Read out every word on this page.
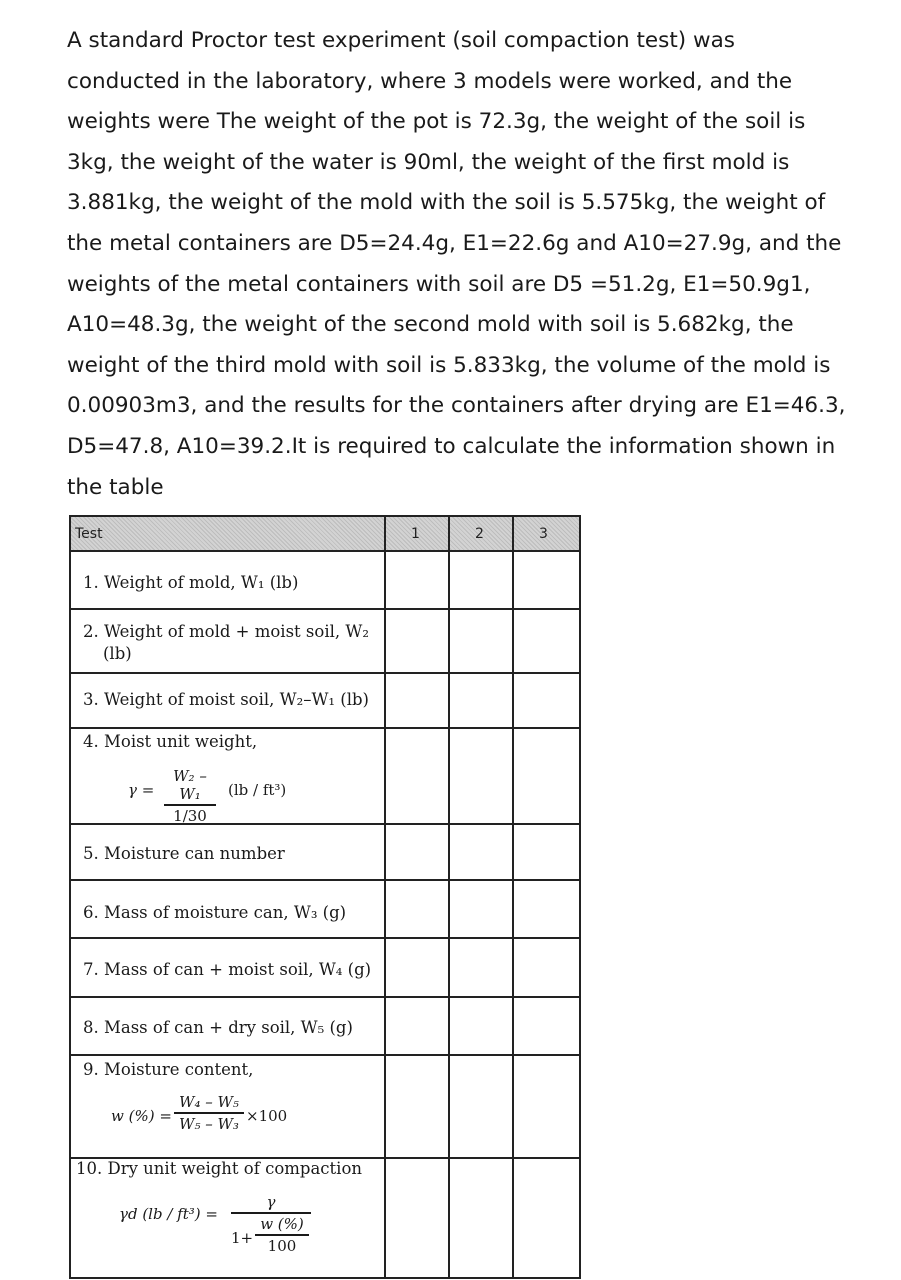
A standard Proctor test experiment (soil compaction test) was conducted in the laboratory, where 3 models were worked, and the weights were The weight of the pot is 72.3g, the weight of the soil is 3kg, the weight of the water is 90ml, the weight of the first mold is 3.881kg, the weight of the mold with the soil is 5.575kg, the weight of the metal containers are D5=24.4g, E1=22.6g and A10=27.9g, and the weights of the metal containers with soil are D5 =51.2g, E1=50.9g1, A10=48.3g, the weight of the second mold with soil is 5.682kg, the weight of the third mold with soil is 5.833kg, the volume of the mold is 0.00903m3, and the results for the containers after drying are E1=46.3, D5=47.8, A10=39.2.It is required to calculate the information shown in the table

Test	1	2	3
1. Weight of mold, W₁ (lb)
2. Weight of mold + moist soil, W₂
(lb)
3. Weight of moist soil, W₂–W₁ (lb)
4. Moist unit weight,
γ =
W₂ – W₁
1/30
(lb / ft³)
5. Moisture can number
6. Mass of moisture can, W₃ (g)
7. Mass of can + moist soil, W₄ (g)
8. Mass of can + dry soil, W₅ (g)
9. Moisture content,
w (%) =
W₄ – W₅
W₅ – W₃ ×100
10. Dry unit weight of compaction
γd (lb / ft³) =
γ
1+
w (%)
100
